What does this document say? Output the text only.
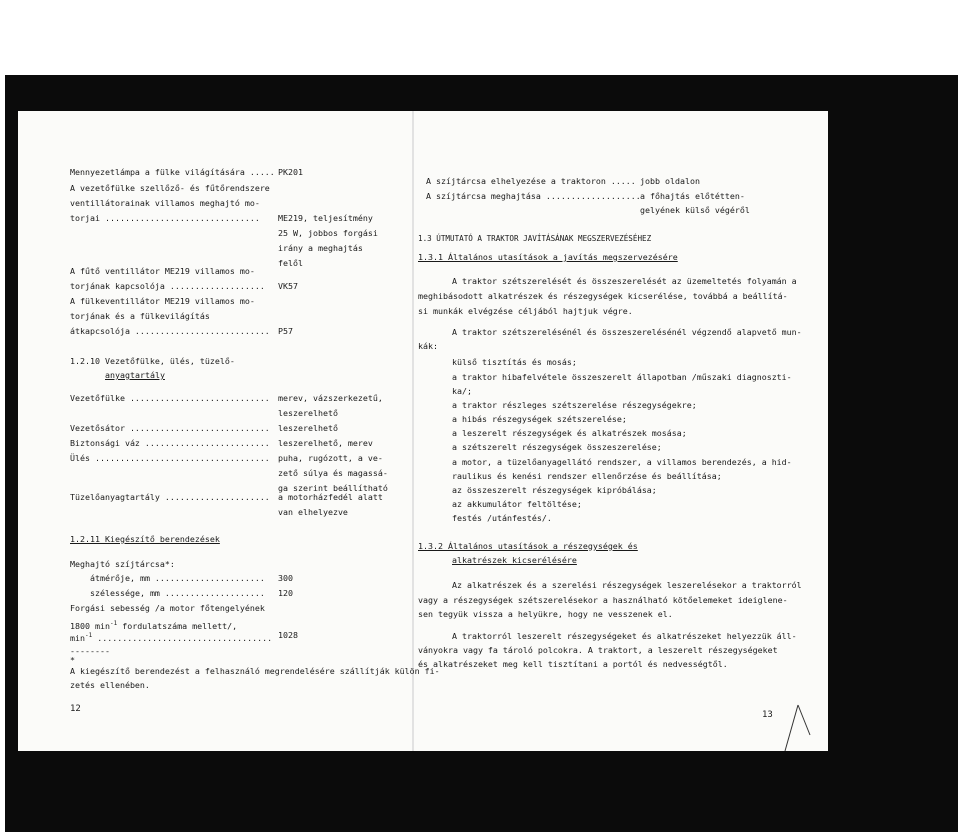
Mennyezetlámpa a fülke világítására .....
A vezetőfülke szellőző- és fűtőrendszere
ventillátorainak villamos meghajtó mo-
torjai ...............................
A fűtő ventillátor ME219 villamos mo-
torjának kapcsolója ...................
A fülkeventillátor ME219 villamos mo-
torjának és a fülkevilágítás
átkapcsolója ...........................
PK201
ME219, teljesítmény
25 W, jobbos forgási
irány a meghajtás
felől
VK57
P57
1.2.10 Vezetőfülke, ülés, tüzelő-
anyagtartály
Vezetőfülke ............................
Vezetősátor ............................
Biztonsági váz .........................
Ülés ...................................
Tüzelőanyagtartály .....................
merev, vázszerkezetű,
leszerelhető
leszerelhető
leszerelhető, merev
puha, rugózott, a ve-
zető súlya és magassá-
ga szerint beállítható
a motorházfedél alatt
van elhelyezve
1.2.11 Kiegészítő berendezések
Meghajtó szíjtárcsa*:
átmérője, mm ......................
szélessége, mm ....................
Forgási sebesség /a motor főtengelyének
1800 $\min^{-1}$ fordulatszáma mellett/,
$\min^{-1}$ ...................................
300
120
1028
--------
*
A kiegészítő berendezést a felhasználó megrendelésére szállítják külön fi-
zetés ellenében.
12
A szíjtárcsa elhelyezése a traktoron .....
A szíjtárcsa meghajtása ...................
jobb oldalon
a főhajtás előtétten-
gelyének külső végéről
1.3 ÚTMUTATÓ A TRAKTOR JAVÍTÁSÁNAK MEGSZERVEZÉSÉHEZ
1.3.1 Általános utasítások a javítás megszervezésére
A traktor szétszerelését és összeszerelését az üzemeltetés folyamán a
meghibásodott alkatrészek és részegységek kicserélése, továbbá a beállítá-
si munkák elvégzése céljából hajtjuk végre.
A traktor szétszerelésénél és összeszerelésénél végzendő alapvető mun-
kák:
külső tisztítás és mosás;
a traktor hibafelvétele összeszerelt állapotban /műszaki diagnoszti-
ka/;
a traktor részleges szétszerelése részegységekre;
a hibás részegységek szétszerelése;
a leszerelt részegységek és alkatrészek mosása;
a szétszerelt részegységek összeszerelése;
a motor, a tüzelőanyagellátó rendszer, a villamos berendezés, a hid-
raulikus és kenési rendszer ellenőrzése és beállítása;
az összeszerelt részegységek kipróbálása;
az akkumulátor feltöltése;
festés /utánfestés/.
1.3.2 Általános utasítások a részegységek és
alkatrészek kicserélésére
Az alkatrészek és a szerelési részegységek leszerelésekor a traktorról
vagy a részegységek szétszerelésekor a használható kötőelemeket ideiglene-
sen tegyük vissza a helyükre, hogy ne vesszenek el.
A traktorról leszerelt részegységeket és alkatrészeket helyezzük áll-
ványokra vagy fa tároló polcokra. A traktort, a leszerelt részegységeket
és alkatrészeket meg kell tisztítani a portól és nedvességtől.
13
